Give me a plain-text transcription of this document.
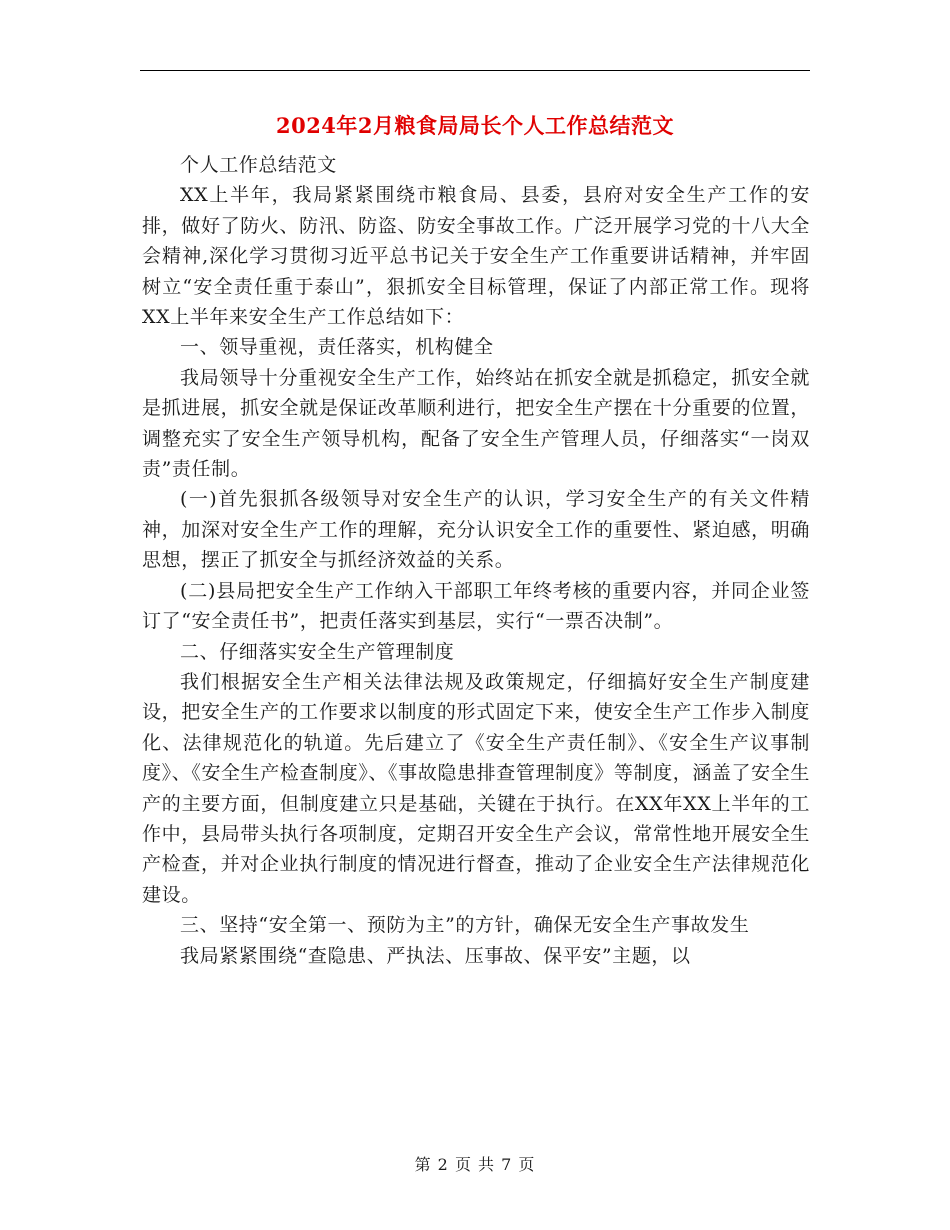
2024年2月粮食局局长个人工作总结范文

个人工作总结范文

XX上半年，我局紧紧围绕市粮食局、县委，县府对安全生产工作的安排，做好了防火、防汛、防盗、防安全事故工作。广泛开展学习党的十八大全会精神,深化学习贯彻习近平总书记关于安全生产工作重要讲话精神，并牢固树立“安全责任重于泰山”，狠抓安全目标管理，保证了内部正常工作。现将XX上半年来安全生产工作总结如下：

一、领导重视，责任落实，机构健全

我局领导十分重视安全生产工作，始终站在抓安全就是抓稳定，抓安全就是抓进展，抓安全就是保证改革顺利进行，把安全生产摆在十分重要的位置，调整充实了安全生产领导机构，配备了安全生产管理人员，仔细落实“一岗双责”责任制。

(一)首先狠抓各级领导对安全生产的认识，学习安全生产的有关文件精神，加深对安全生产工作的理解，充分认识安全工作的重要性、紧迫感，明确思想，摆正了抓安全与抓经济效益的关系。

(二)县局把安全生产工作纳入干部职工年终考核的重要内容，并同企业签订了“安全责任书”，把责任落实到基层，实行“一票否决制”。

二、仔细落实安全生产管理制度

我们根据安全生产相关法律法规及政策规定，仔细搞好安全生产制度建设，把安全生产的工作要求以制度的形式固定下来，使安全生产工作步入制度化、法律规范化的轨道。先后建立了《安全生产责任制》、《安全生产议事制度》、《安全生产检查制度》、《事故隐患排查管理制度》等制度，涵盖了安全生产的主要方面，但制度建立只是基础，关键在于执行。在XX年XX上半年的工作中，县局带头执行各项制度，定期召开安全生产会议，常常性地开展安全生产检查，并对企业执行制度的情况进行督查，推动了企业安全生产法律规范化建设。

三、坚持“安全第一、预防为主”的方针，确保无安全生产事故发生

我局紧紧围绕“查隐患、严执法、压事故、保平安”主题，以

第 2 页 共 7 页
